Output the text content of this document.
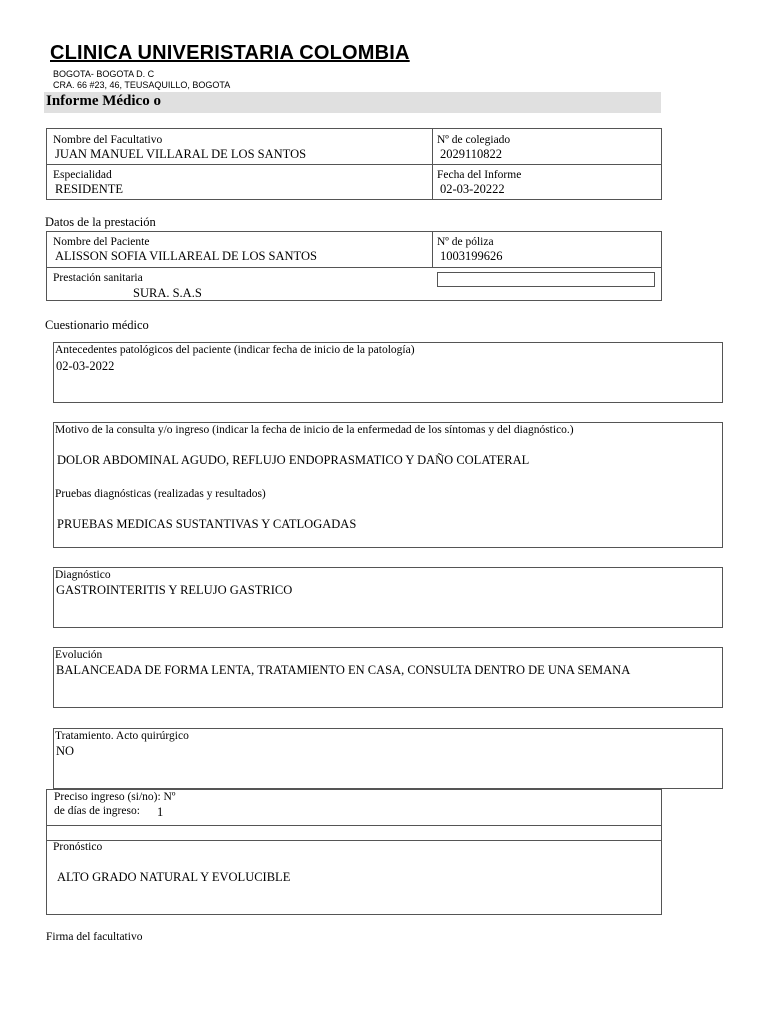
CLINICA UNIVERISTARIA COLOMBIA
BOGOTA- BOGOTA D. C
CRA. 66 #23, 46, TEUSAQUILLO, BOGOTA
Informe Médico o
Nombre del Facultativo
JUAN MANUEL VILLARAL DE LOS SANTOS
Nº de colegiado
2029110822
Especialidad
RESIDENTE
Fecha del Informe
02-03-20222
Datos de la prestación
Nombre del Paciente
ALISSON SOFIA VILLAREAL DE LOS SANTOS
Nº de póliza
1003199626
Prestación sanitaria
SURA. S.A.S
Cuestionario médico
Antecedentes patológicos del paciente (indicar fecha de inicio de la patología)
02-03-2022
Motivo de la consulta y/o ingreso (indicar la fecha de inicio de la enfermedad de los síntomas y del diagnóstico.)
DOLOR ABDOMINAL AGUDO, REFLUJO ENDOPRASMATICO Y DAÑO COLATERAL
Pruebas diagnósticas (realizadas y resultados)
PRUEBAS MEDICAS SUSTANTIVAS Y CATLOGADAS
Diagnóstico
GASTROINTERITIS Y RELUJO GASTRICO
Evolución
BALANCEADA DE FORMA LENTA, TRATAMIENTO EN CASA, CONSULTA DENTRO DE UNA SEMANA
Tratamiento. Acto quirúrgico
NO
Preciso ingreso (si/no): Nº
de días de ingreso: 1
Pronóstico
ALTO GRADO NATURAL Y EVOLUCIBLE
Firma del facultativo
